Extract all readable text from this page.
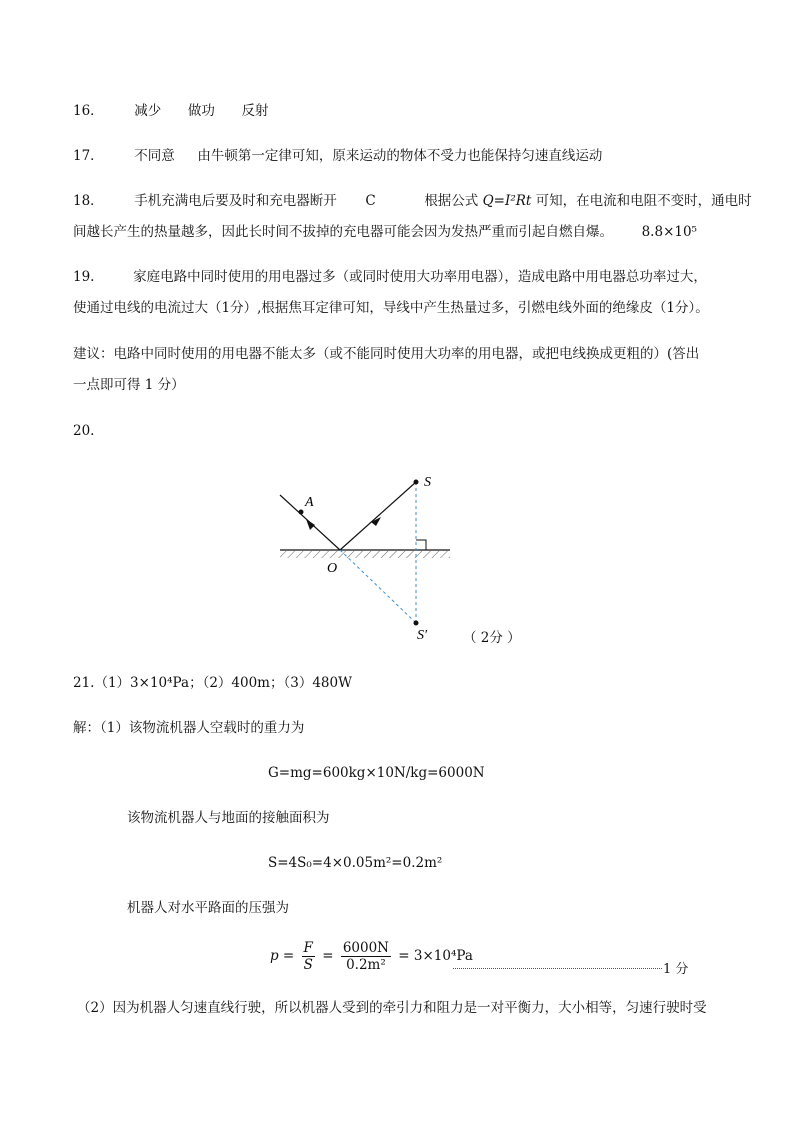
16． 减少 做功 反射
17． 不同意 由牛顿第一定律可知，原来运动的物体不受力也能保持匀速直线运动
18． 手机充满电后要及时和充电器断开 C	根据公式 Q=I²Rt 可知，在电流和电阻不变时，通电时
间越长产生的热量越多，因此长时间不拔掉的充电器可能会因为发热严重而引起自燃自爆。 8.8×10⁵
19.	家庭电路中同时使用的用电器过多（或同时使用大功率用电器），造成电路中用电器总功率过大，
使通过电线的电流过大（1分）,根据焦耳定律可知，导线中产生热量过多，引燃电线外面的绝缘皮（1分）。
建议：电路中同时使用的用电器不能太多（或不能同时使用大功率的用电器，或把电线换成更粗的）(答出
一点即可得 1 分）
20.
S
A
O
S′	（ 2分 ）
21.（1）3×10⁴Pa；（2）400m；（3）480W
解：（1）该物流机器人空载时的重力为
G=mg=600kg×10N/kg=6000N
该物流机器人与地面的接触面积为
S=4S₀=4×0.05m²=0.2m²
机器人对水平路面的压强为
$p = \frac{F}{S} = \frac{6000N}{\text{0.2m²}} = 3\times 10^4Pa$
1 分
（2）因为机器人匀速直线行驶，所以机器人受到的牵引力和阻力是一对平衡力，大小相等，匀速行驶时受
